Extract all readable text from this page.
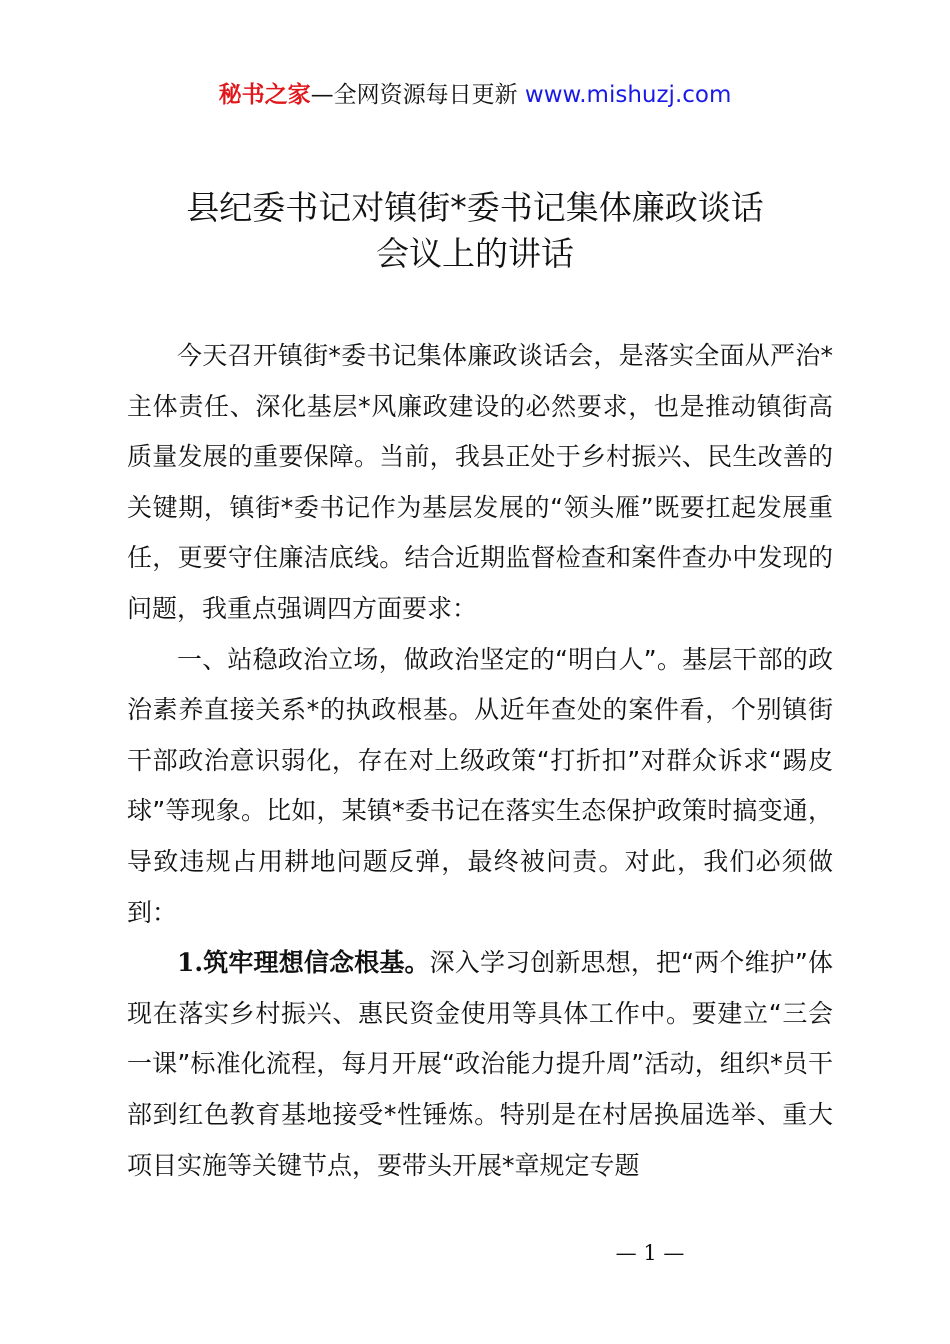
秘书之家—全网资源每日更新 www.mishuzj.com
县纪委书记对镇街*委书记集体廉政谈话
会议上的讲话

今天召开镇街*委书记集体廉政谈话会，是落实全面从严治*主体责任、深化基层*风廉政建设的必然要求，也是推动镇街高质量发展的重要保障。当前，我县正处于乡村振兴、民生改善的关键期，镇街*委书记作为基层发展的“领头雁”既要扛起发展重任，更要守住廉洁底线。结合近期监督检查和案件查办中发现的问题，我重点强调四方面要求：

一、站稳政治立场，做政治坚定的“明白人”。基层干部的政治素养直接关系*的执政根基。从近年查处的案件看，个别镇街干部政治意识弱化，存在对上级政策“打折扣”对群众诉求“踢皮球”等现象。比如，某镇*委书记在落实生态保护政策时搞变通，导致违规占用耕地问题反弹，最终被问责。对此，我们必须做到：

1.筑牢理想信念根基。深入学习创新思想，把“两个维护”体现在落实乡村振兴、惠民资金使用等具体工作中。要建立“三会一课”标准化流程，每月开展“政治能力提升周”活动，组织*员干部到红色教育基地接受*性锤炼。特别是在村居换届选举、重大项目实施等关键节点，要带头开展*章规定专题

— 1 —
